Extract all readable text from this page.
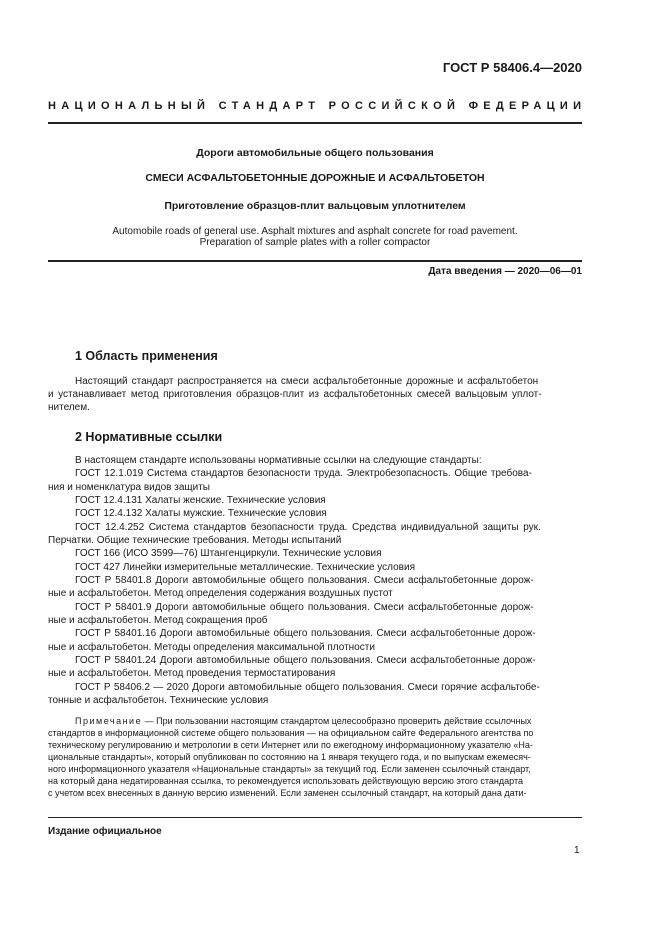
ГОСТ Р 58406.4—2020
НАЦИОНАЛЬНЫЙ СТАНДАРТ РОССИЙСКОЙ ФЕДЕРАЦИИ
Дороги автомобильные общего пользования
СМЕСИ АСФАЛЬТОБЕТОННЫЕ ДОРОЖНЫЕ И АСФАЛЬТОБЕТОН
Приготовление образцов-плит вальцовым уплотнителем
Automobile roads of general use. Asphalt mixtures and asphalt concrete for road pavement.
Preparation of sample plates with a roller compactor
Дата введения — 2020—06—01
1 Область применения
Настоящий стандарт распространяется на смеси асфальтобетонные дорожные и асфальтобетон
и устанавливает метод приготовления образцов-плит из асфальтобетонных смесей вальцовым уплот-
нителем.
2 Нормативные ссылки
В настоящем стандарте использованы нормативные ссылки на следующие стандарты:
ГОСТ 12.1.019 Система стандартов безопасности труда. Электробезопасность. Общие требова-
ния и номенклатура видов защиты
ГОСТ 12.4.131 Халаты женские. Технические условия
ГОСТ 12.4.132 Халаты мужские. Технические условия
ГОСТ 12.4.252 Система стандартов безопасности труда. Средства индивидуальной защиты рук.
Перчатки. Общие технические требования. Методы испытаний
ГОСТ 166 (ИСО 3599—76) Штангенциркули. Технические условия
ГОСТ 427 Линейки измерительные металлические. Технические условия
ГОСТ Р 58401.8 Дороги автомобильные общего пользования. Смеси асфальтобетонные дорож-
ные и асфальтобетон. Метод определения содержания воздушных пустот
ГОСТ Р 58401.9 Дороги автомобильные общего пользования. Смеси асфальтобетонные дорож-
ные и асфальтобетон. Метод сокращения проб
ГОСТ Р 58401.16 Дороги автомобильные общего пользования. Смеси асфальтобетонные дорож-
ные и асфальтобетон. Методы определения максимальной плотности
ГОСТ Р 58401.24 Дороги автомобильные общего пользования. Смеси асфальтобетонные дорож-
ные и асфальтобетон. Метод проведения термостатирования
ГОСТ Р 58406.2 — 2020 Дороги автомобильные общего пользования. Смеси горячие асфальтобе-
тонные и асфальтобетон. Технические условия
Примечание — При пользовании настоящим стандартом целесообразно проверить действие ссылочных
стандартов в информационной системе общего пользования — на официальном сайте Федерального агентства по
техническому регулированию и метрологии в сети Интернет или по ежегодному информационному указателю «На-
циональные стандарты», который опубликован по состоянию на 1 января текущего года, и по выпускам ежемесяч-
ного информационного указателя «Национальные стандарты» за текущий год. Если заменен ссылочный стандарт,
на который дана недатированная ссылка, то рекомендуется использовать действующую версию этого стандарта
с учетом всех внесенных в данную версию изменений. Если заменен ссылочный стандарт, на который дана дати-
Издание официальное
1
